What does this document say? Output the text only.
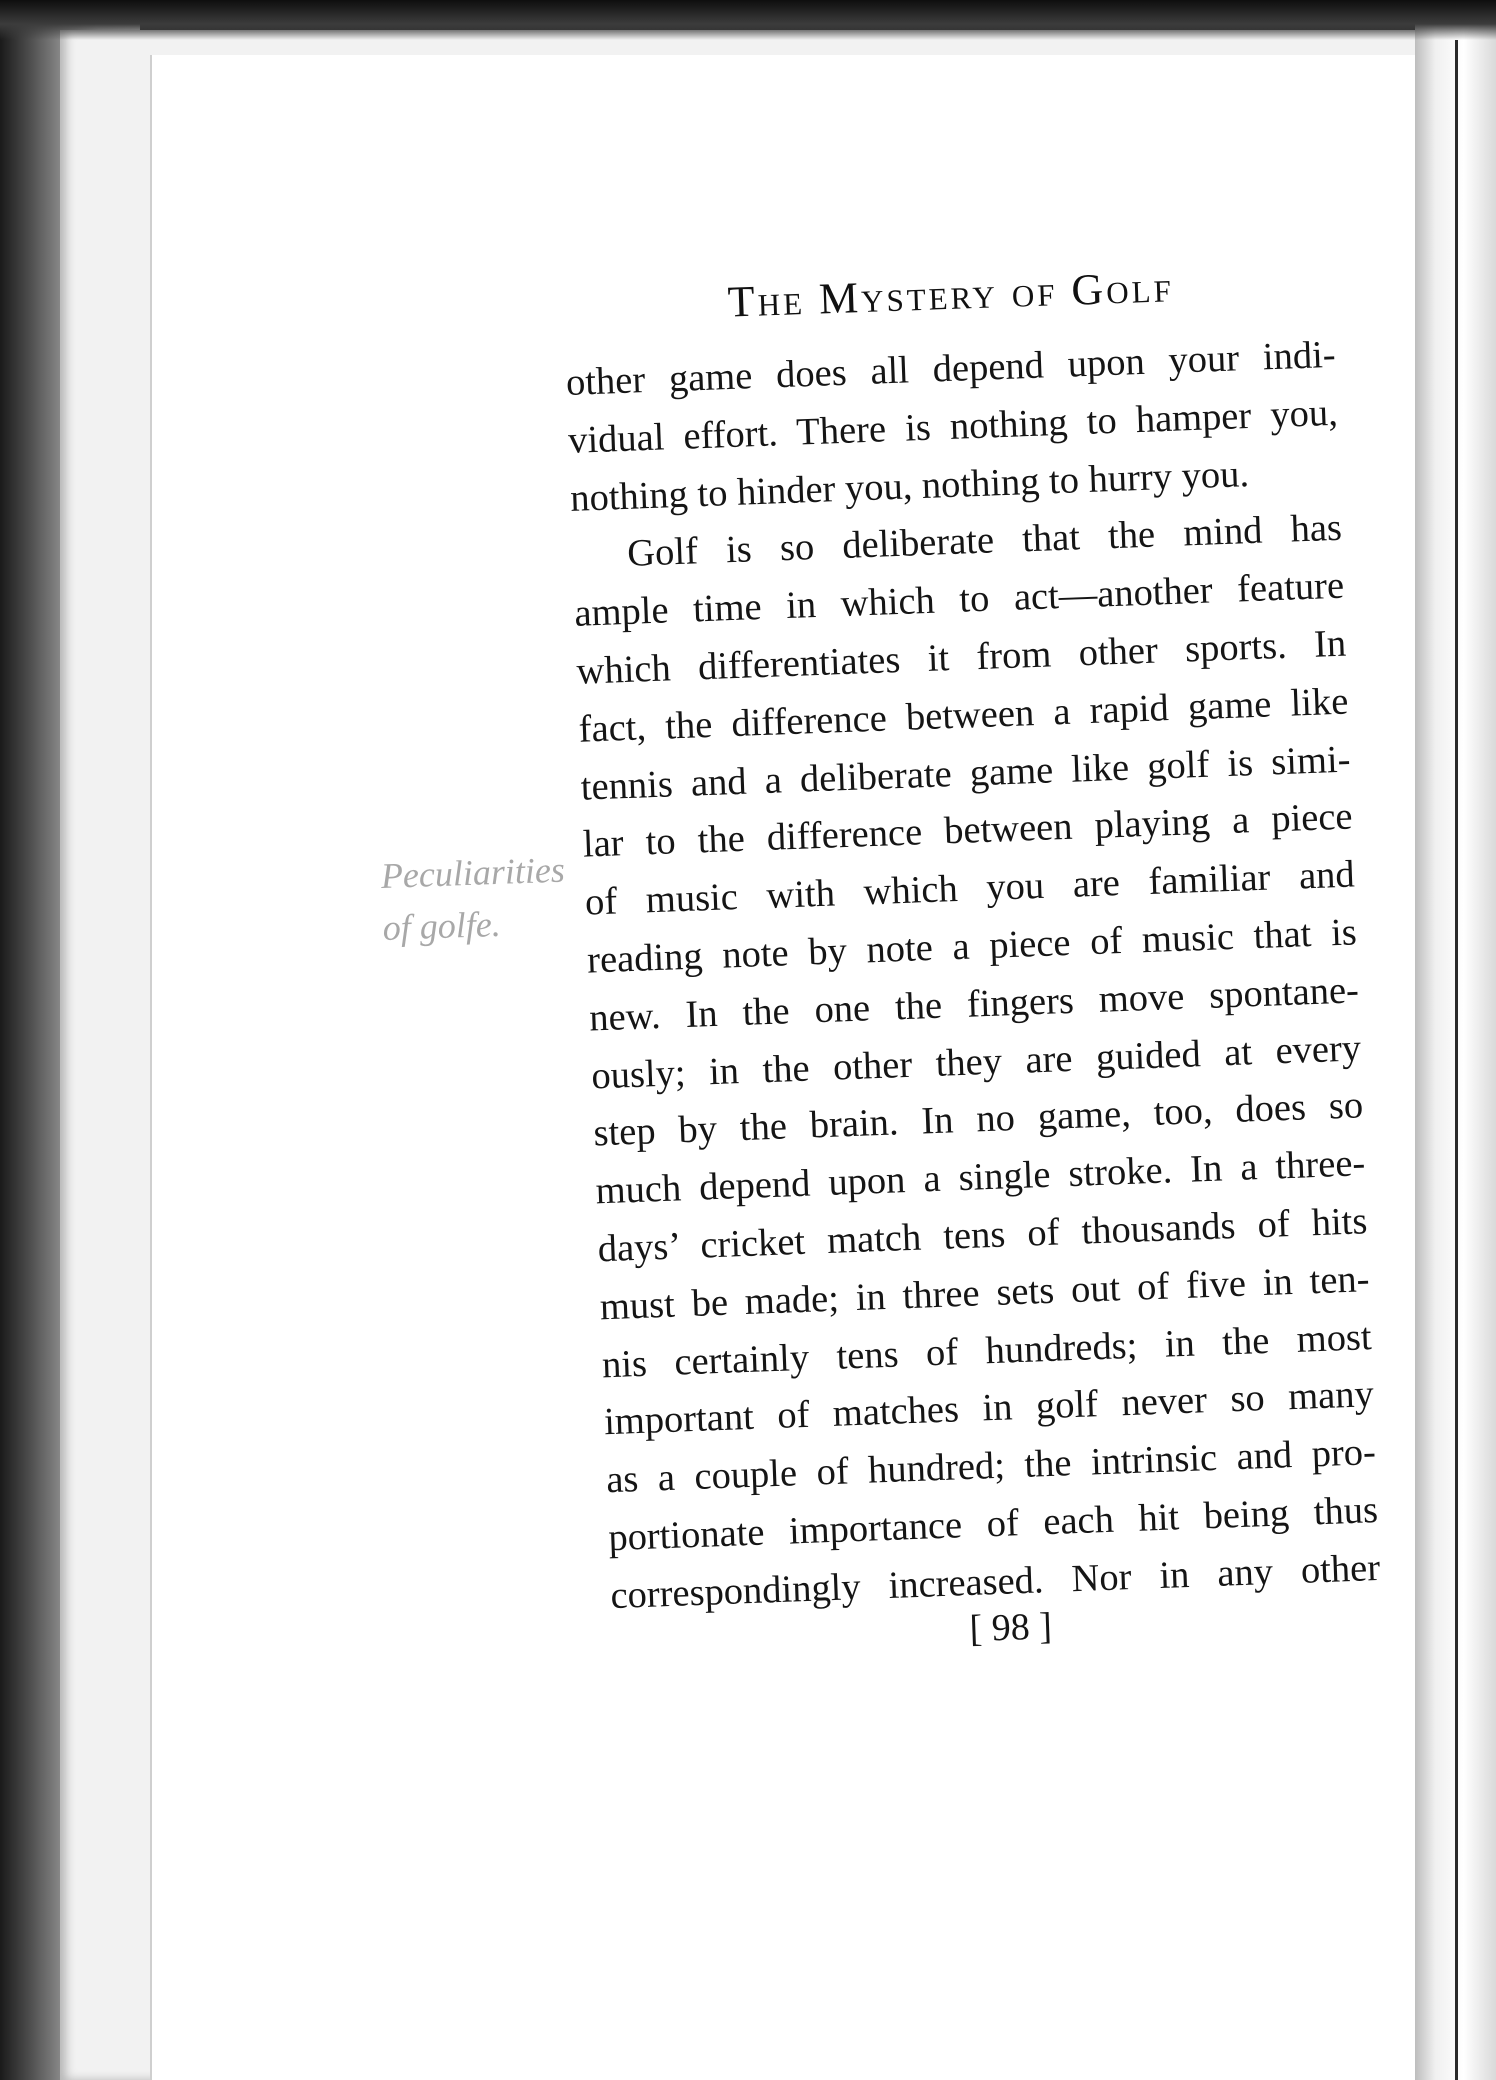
The Mystery of Golf
Peculiarities
of golfe.
other game does all depend upon your indi-
vidual effort. There is nothing to hamper you,
nothing to hinder you, nothing to hurry you.
Golf is so deliberate that the mind has
ample time in which to act—another feature
which differentiates it from other sports. In
fact, the difference between a rapid game like
tennis and a deliberate game like golf is simi-
lar to the difference between playing a piece
of music with which you are familiar and
reading note by note a piece of music that is
new. In the one the fingers move spontane-
ously; in the other they are guided at every
step by the brain. In no game, too, does so
much depend upon a single stroke. In a three-
days’ cricket match tens of thousands of hits
must be made; in three sets out of five in ten-
nis certainly tens of hundreds; in the most
important of matches in golf never so many
as a couple of hundred; the intrinsic and pro-
portionate importance of each hit being thus
correspondingly increased. Nor in any other
[ 98 ]
